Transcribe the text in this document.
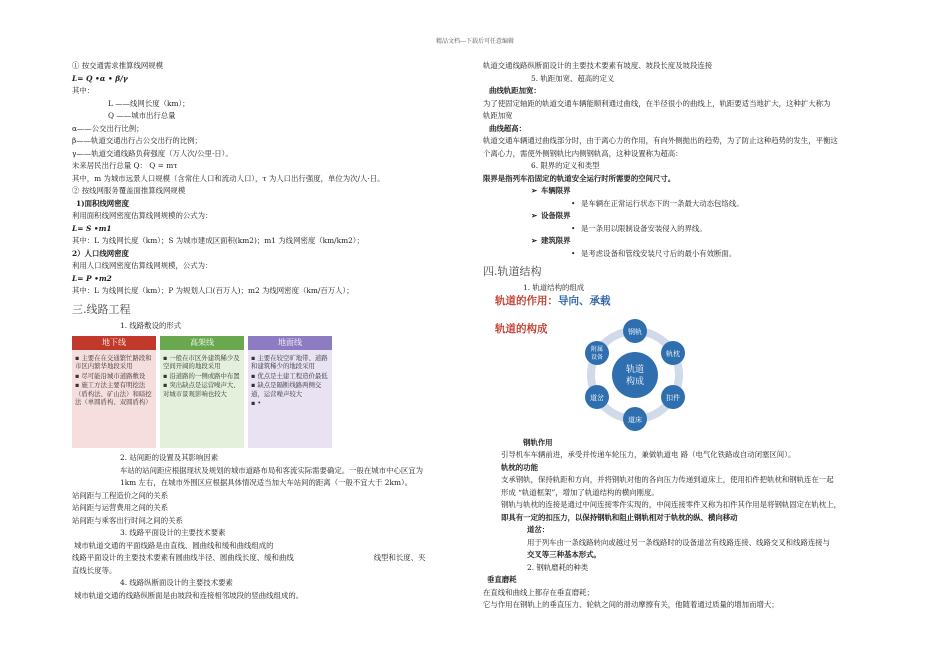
精品文档---下载后可任意编辑
① 按交通需求推算线网规模
L= Q •α • β/γ
其中：
L ——线网长度（km）；
Q ——城市出行总量
α——公交出行比例；
β——轨道交通出行占公交出行的比例；
γ——轨道交通线路负荷强度（万人次/公里·日）。
未来居民出行总量 Q： Q = mτ
其中，m 为城市远景人口规模（含常住人口和流动人口），τ 为人口出行强度，单位为次/人·日。
② 按线网服务覆盖面推算线网规模
1)面积线网密度
利用面积线网密度估算线网规模的公式为：
L= S •m1
其中：L 为线网长度（km）；S 为城市建成区面积(km2)；m1 为线网密度（km/km2）；
2）人口线网密度
利用人口线网密度估算线网规模，公式为：
L= P •m2
其中：L 为线网长度（km）；P 为规划人口(百万人)；m2 为线网密度（km/百万人）；
三.线路工程
1. 线路敷设的形式
地下线
▪ 主要在在交通繁忙路段和市区内繁华地段采用
▪ 尽可能沿城市道路敷设
▪ 施工方法主要有明挖法（盾构法、矿山法）和暗挖法（单圆盾构、双圆盾构）
高架线
▪ 一般在市区外建筑稀少及空间开阔的地段采用
▪ 沿道路的一侧或路中布置
▪ 突出缺点是运营噪声大、对城市景观影响也较大
地面线
▪ 主要在较空旷地带、道路和建筑稀少的地段采用
▪ 优点是土建工程造价最低
▪ 缺点是隔断线路两侧交通，运营噪声较大
▪ •
2. 站间距的设置及其影响因素
车站的站间距应根据现状及规划的城市道路布局和客流实际需要确定。一般在城市中心区宜为
1km 左右，在城市外围区应根据具体情况适当加大车站间的距离（一般不宜大于 2km）。
站间距与工程造价之间的关系
站间距与运营费用之间的关系
站间距与乘客出行时间之间的关系
3. 线路平面设计的主要技术要素
城市轨道交通的平面线路是由直线、圆曲线和缓和曲线组成的
线路平面设计的主要技术要素有圆曲线半径、圆曲线长度、缓和曲线	线型和长度、夹
直线长度等。
4. 线路纵断面设计的主要技术要素
城市轨道交通的线路纵断面是由坡段和连接相邻坡段的竖曲线组成的。
轨道交通线路纵断面设计的主要技术要素有坡度、坡段长度及坡段连接
5. 轨距加宽、超高的定义
曲线轨距加宽：
为了使固定轴距的轨道交通车辆能顺利通过曲线，在半径很小的曲线上，轨距要适当地扩大，这种扩大称为
轨距加宽
曲线超高：
轨道交通车辆通过曲线部分时，由于离心力的作用，有向外侧抛出的趋势，为了防止这种趋势的发生，平衡这
个离心力，需使外侧钢轨比内侧钢轨高，这种设置称为超高：
6. 限界的定义和类型
限界是指列车沿固定的轨道安全运行时所需要的空间尺寸。
➢ 车辆限界
• 是车辆在正常运行状态下的一条最大动态包络线。
➢ 设备限界
• 是一条用以限制设备安装侵入的界线。
➢ 建筑限界
• 是考虑设备和管线安装尺寸后的最小有效断面。
四.轨道结构
1. 轨道结构的组成
轨道的作用：导向、承载
轨道的构成
轨道
构成
钢轨
轨枕
扣件
道床
道岔
附属
设备
钢轨作用
引导机车车辆前进，承受并传递车轮压力，兼做轨道电 路（电气化铁路或自动闭塞区间）。
轨枕的功能
支承钢轨，保持轨距和方向，并将钢轨对他的各向压力传递到道床上，使用扣件把轨枕和钢轨连在一起
形成 “轨道框架”，增加了轨道结构的横向刚度。
钢轨与轨枕的连接是通过中间连接零件实现的，中间连接零件又称为扣件其作用是将钢轨固定在轨枕上，
即具有一定的扣压力，以保持钢轨和阻止钢轨相对于轨枕的纵、横向移动
道岔：
用于列车由一条线路转向或越过另一条线路时的设备道岔有线路连接、线路交叉和线路连接与
交叉等三种基本形式。
2. 钢轨磨耗的种类
垂直磨耗
在直线和曲线上都存在垂直磨耗；
它与作用在钢轨上的垂直压力、轮轨之间的滑动摩擦有关，他随着通过质量的增加而增大；
